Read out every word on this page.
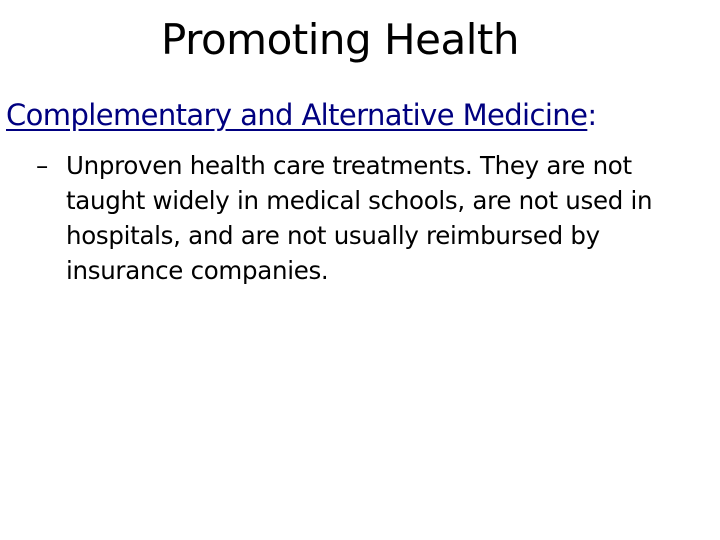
Promoting Health
Complementary and Alternative Medicine:
– Unproven health care treatments. They are not taught widely in medical schools, are not used in hospitals, and are not usually reimbursed by insurance companies.
